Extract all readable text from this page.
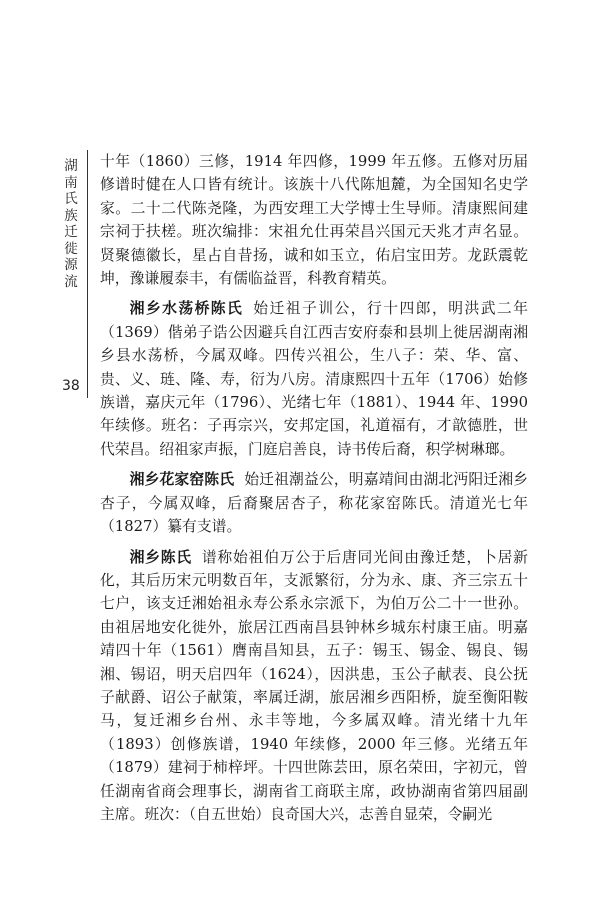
湖南氏族迁徙源流
38

十年（1860）三修，1914 年四修，1999 年五修。五修对历届修谱时健在人口皆有统计。该族十八代陈旭麓，为全国知名史学家。二十二代陈尧隆，为西安理工大学博士生导师。清康熙间建宗祠于扶槎。班次编排：宋祖允仕再荣昌兴国元天兆才声名显。贤聚德徽长，星占自昔扬，诚和如玉立，佑启宝田芳。龙跃震乾坤，豫谦履泰丰，有儒临益晋，科教育精英。

湘乡水荡桥陈氏 始迁祖子训公，行十四郎，明洪武二年（1369）偕弟子诰公因避兵自江西吉安府泰和县圳上徙居湖南湘乡县水荡桥，今属双峰。四传兴祖公，生八子：荣、华、富、贵、义、琏、隆、寿，衍为八房。清康熙四十五年（1706）始修族谱，嘉庆元年（1796）、光绪七年（1881）、1944 年、1990 年续修。班名：子再宗兴，安邦定国，礼道福有，才歆德胜，世代荣昌。绍祖家声振，门庭启善良，诗书传后裔，积学树琳瑯。

湘乡花家窑陈氏 始迁祖潮益公，明嘉靖间由湖北沔阳迁湘乡杏子，今属双峰，后裔聚居杏子，称花家窑陈氏。清道光七年（1827）纂有支谱。

湘乡陈氏 谱称始祖伯万公于后唐同光间由豫迁楚，卜居新化，其后历宋元明数百年，支派繁衍，分为永、康、齐三宗五十七户，该支迁湘始祖永寿公系永宗派下，为伯万公二十一世孙。由祖居地安化徙外，旅居江西南昌县钟林乡城东村康王庙。明嘉靖四十年（1561）膺南昌知县，五子：锡玉、锡金、锡良、锡湘、锡诏，明天启四年（1624），因洪患，玉公子献表、良公抚子献爵、诏公子献策，率属迁湖，旅居湘乡西阳桥，旋至衡阳鞍马，复迁湘乡台州、永丰等地，今多属双峰。清光绪十九年（1893）创修族谱，1940 年续修，2000 年三修。光绪五年（1879）建祠于柿梓坪。十四世陈芸田，原名荣田，字初元，曾任湖南省商会理事长，湖南省工商联主席，政协湖南省第四届副主席。班次：（自五世始）良奇国大兴，志善自显荣，令嗣光
